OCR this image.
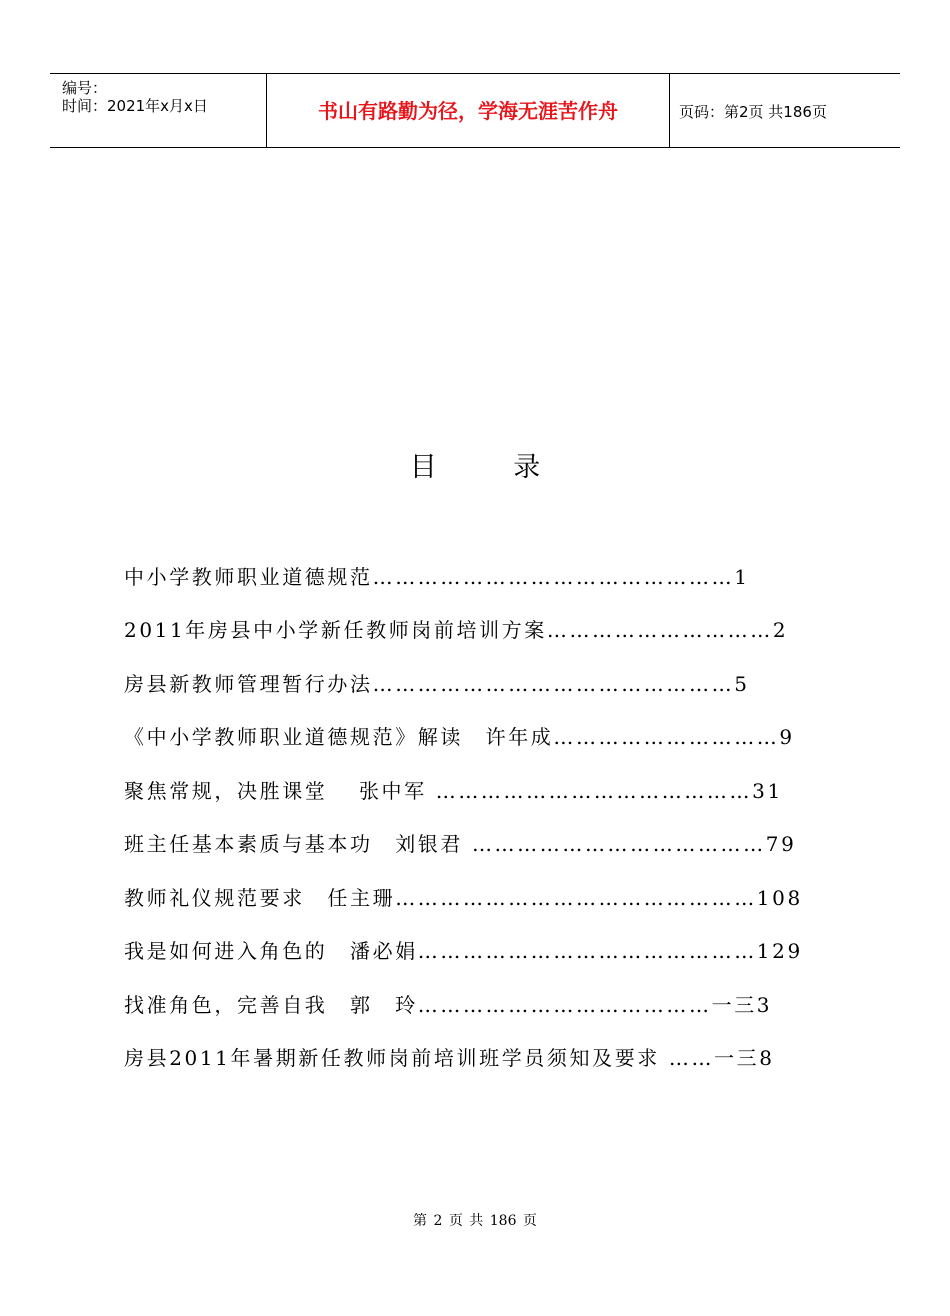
编号：
时间：2021年x月x日	书山有路勤为径，学海无涯苦作舟	页码：第2页 共186页
目 录
中小学教师职业道德规范…………………………………………1
2011年房县中小学新任教师岗前培训方案…………………………2
房县新教师管理暂行办法…………………………………………5
《中小学教师职业道德规范》解读　许年成…………………………9
聚焦常规，决胜课堂　 张中军 ……………………………………31
班主任基本素质与基本功　刘银君 …………………………………79
教师礼仪规范要求　任主珊…………………………………………108
我是如何进入角色的　潘必娟………………………………………129
找准角色，完善自我　郭　玲…………………………………一三3
房县2011年暑期新任教师岗前培训班学员须知及要求 ……一三8
第 2 页 共 186 页
